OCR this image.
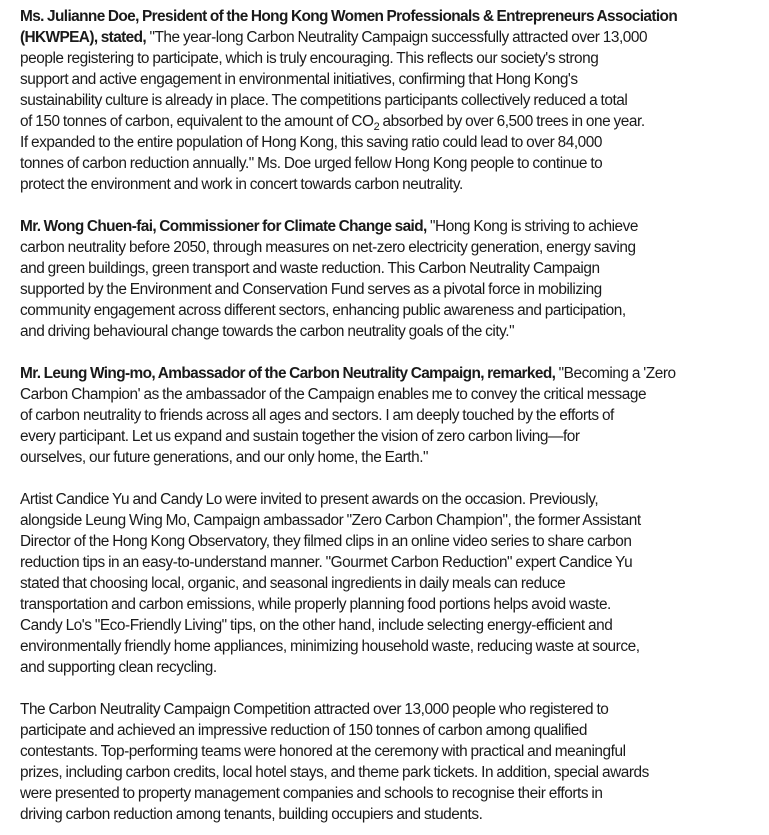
Ms. Julianne Doe, President of the Hong Kong Women Professionals & Entrepreneurs Association
(HKWPEA), stated, "The year-long Carbon Neutrality Campaign successfully attracted over 13,000
people registering to participate, which is truly encouraging. This reflects our society's strong
support and active engagement in environmental initiatives, confirming that Hong Kong's
sustainability culture is already in place. The competitions participants collectively reduced a total
of 150 tonnes of carbon, equivalent to the amount of $CO_2$ absorbed by over 6,500 trees in one year.
If expanded to the entire population of Hong Kong, this saving ratio could lead to over 84,000
tonnes of carbon reduction annually." Ms. Doe urged fellow Hong Kong people to continue to
protect the environment and work in concert towards carbon neutrality.

Mr. Wong Chuen-fai, Commissioner for Climate Change said, "Hong Kong is striving to achieve
carbon neutrality before 2050, through measures on net-zero electricity generation, energy saving
and green buildings, green transport and waste reduction. This Carbon Neutrality Campaign
supported by the Environment and Conservation Fund serves as a pivotal force in mobilizing
community engagement across different sectors, enhancing public awareness and participation,
and driving behavioural change towards the carbon neutrality goals of the city."

Mr. Leung Wing-mo, Ambassador of the Carbon Neutrality Campaign, remarked, "Becoming a 'Zero
Carbon Champion' as the ambassador of the Campaign enables me to convey the critical message
of carbon neutrality to friends across all ages and sectors. I am deeply touched by the efforts of
every participant. Let us expand and sustain together the vision of zero carbon living—for
ourselves, our future generations, and our only home, the Earth."

Artist Candice Yu and Candy Lo were invited to present awards on the occasion. Previously,
alongside Leung Wing Mo, Campaign ambassador "Zero Carbon Champion", the former Assistant
Director of the Hong Kong Observatory, they filmed clips in an online video series to share carbon
reduction tips in an easy-to-understand manner. "Gourmet Carbon Reduction" expert Candice Yu
stated that choosing local, organic, and seasonal ingredients in daily meals can reduce
transportation and carbon emissions, while properly planning food portions helps avoid waste.
Candy Lo's "Eco-Friendly Living" tips, on the other hand, include selecting energy-efficient and
environmentally friendly home appliances, minimizing household waste, reducing waste at source,
and supporting clean recycling.

The Carbon Neutrality Campaign Competition attracted over 13,000 people who registered to
participate and achieved an impressive reduction of 150 tonnes of carbon among qualified
contestants. Top-performing teams were honored at the ceremony with practical and meaningful
prizes, including carbon credits, local hotel stays, and theme park tickets. In addition, special awards
were presented to property management companies and schools to recognise their efforts in
driving carbon reduction among tenants, building occupiers and students.
